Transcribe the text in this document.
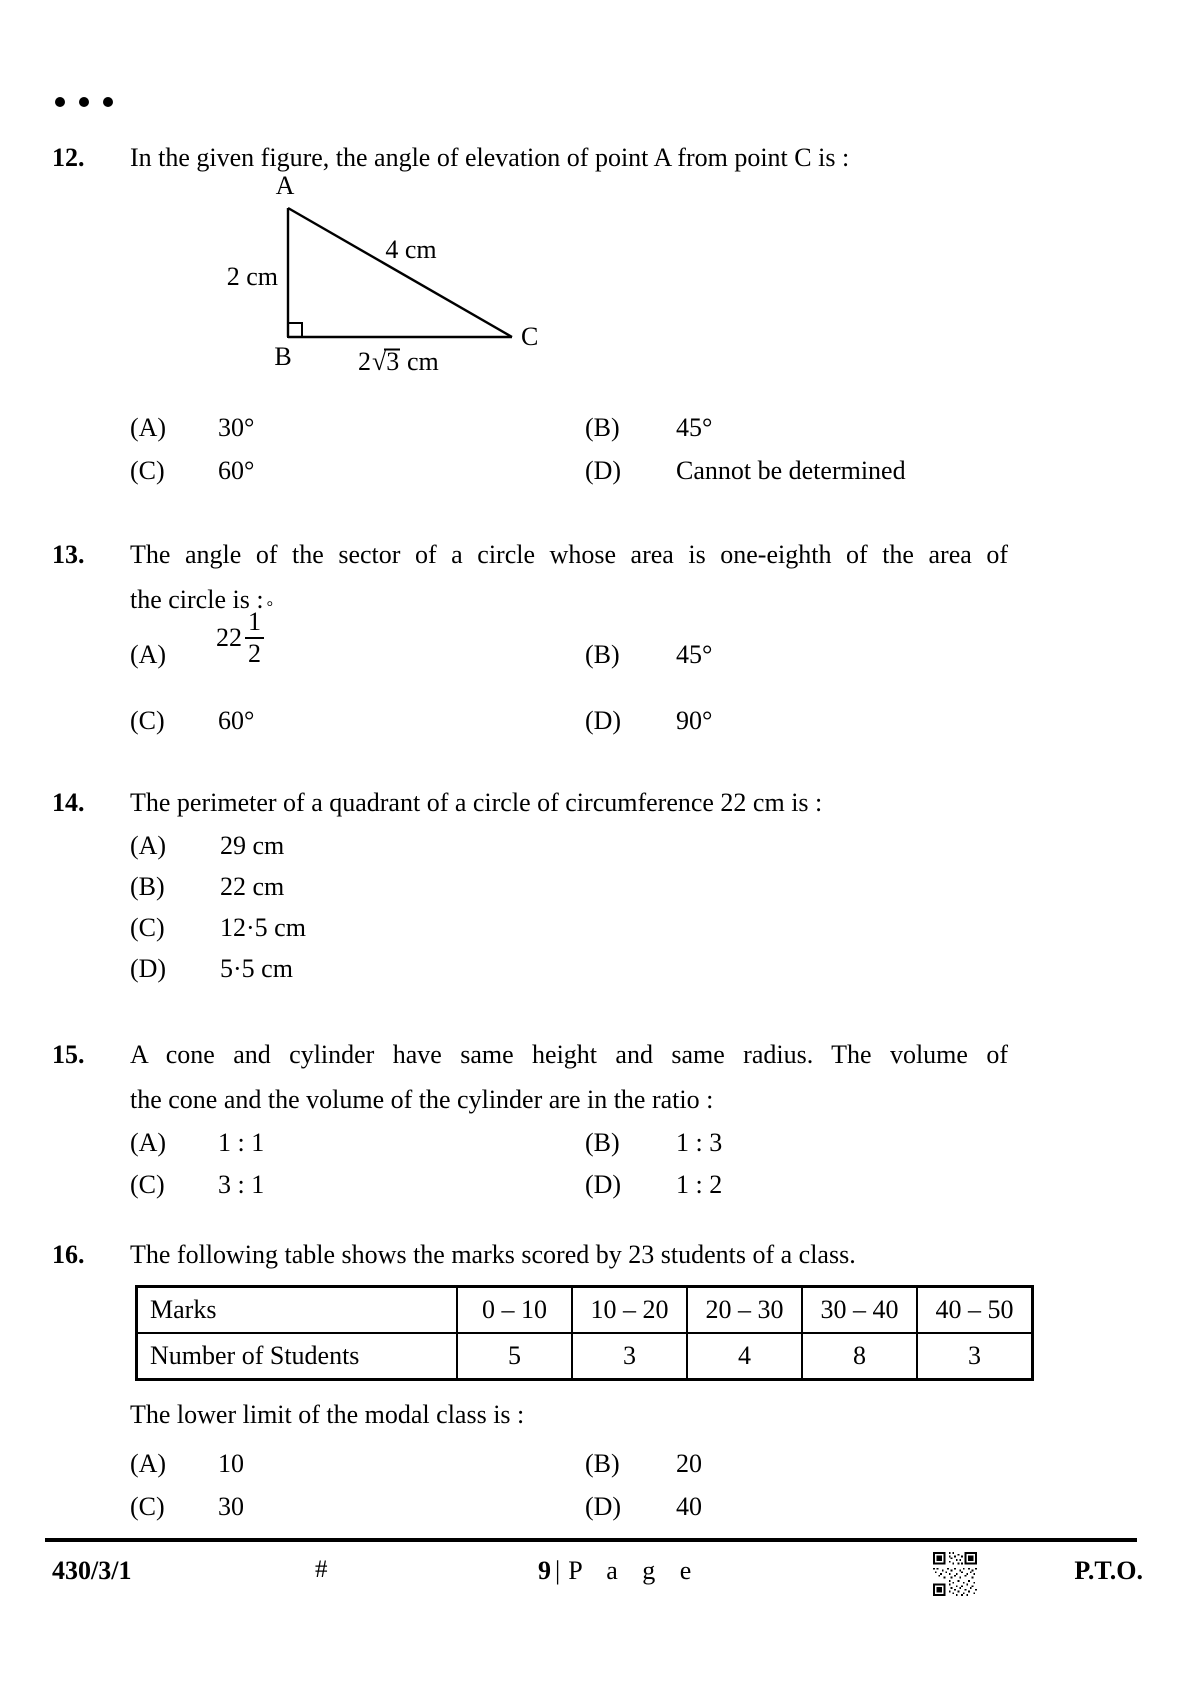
12. In the given figure, the angle of elevation of point A from point C is :
A
B
C
2 cm
4 cm
2 √3 cm
(A) 30°	(B) 45°
(C) 60°	(D) Cannot be determined
13. The angle of the sector of a circle whose area is one-eighth of the area of
the circle is :
(A)
22
°
1
2	(B) 45°
(C) 60°	(D) 90°
14. The perimeter of a quadrant of a circle of circumference 22 cm is :
(A) 29 cm
(B) 22 cm
(C) 12·5 cm
(D) 5·5 cm
15. A cone and cylinder have same height and same radius. The volume of
the cone and the volume of the cylinder are in the ratio :
(A) 1 : 1	(B) 1 : 3
(C) 3 : 1	(D) 1 : 2
16. The following table shows the marks scored by 23 students of a class.
Marks	0 – 10	10 – 20	20 – 30	30 – 40	40 – 50
Number of Students	5	3	4	8	3
The lower limit of the modal class is :
(A) 10	(B) 20
(C) 30	(D) 40
430/3/1	#	9 | P a g e	P.T.O.
